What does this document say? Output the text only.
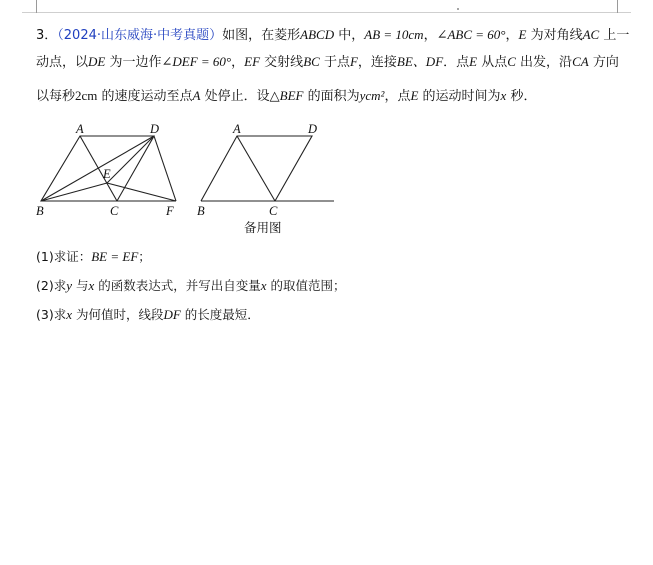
3．（2024·山东威海·中考真题）如图，在菱形ABCD 中，AB = 10cm，∠ABC = 60°，E 为对角线AC 上一
动点，以DE 为一边作∠DEF = 60°，EF 交射线BC 于点F，连接BE、DF．点E 从点C 出发，沿CA 方向
以每秒2cm 的速度运动至点A 处停止．设△BEF 的面积为ycm²，点E 的运动时间为x 秒．
A	D
E
B	C	F
A	D
B	C
备用图
(1)求证：BE = EF；
(2)求y 与x 的函数表达式，并写出自变量x 的取值范围；
(3)求x 为何值时，线段DF 的长度最短．
